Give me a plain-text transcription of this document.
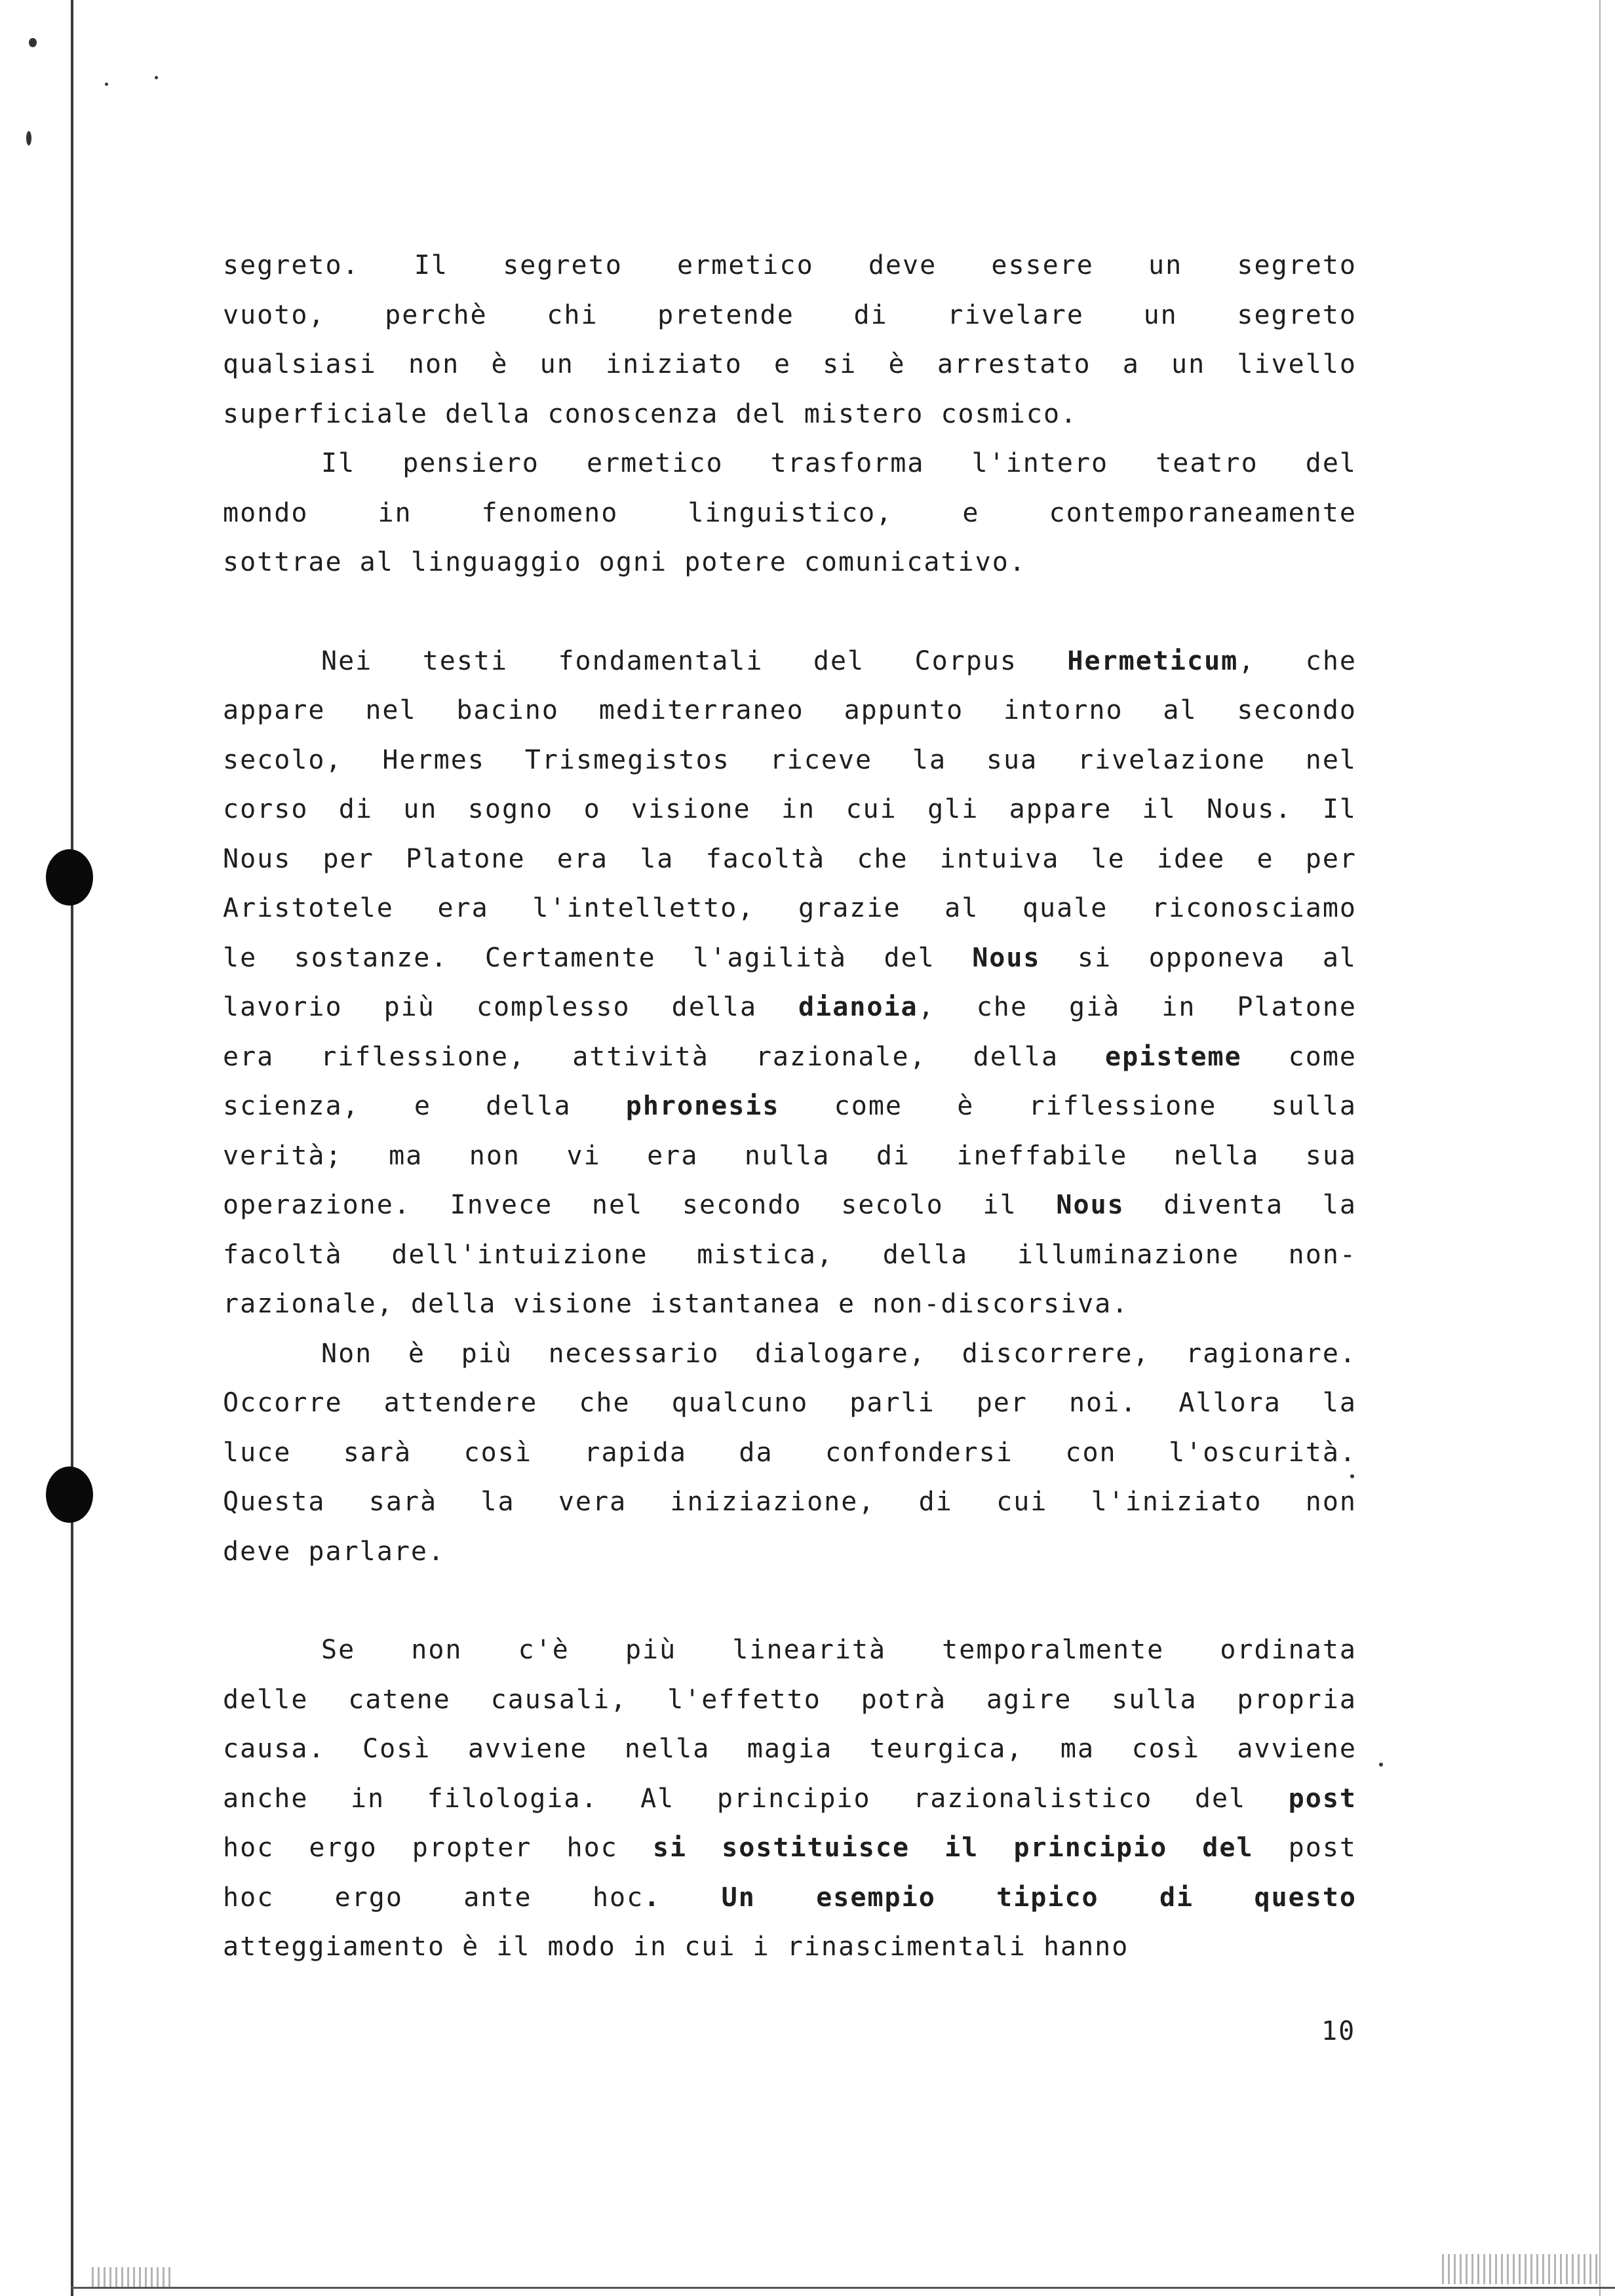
segreto. Il segreto ermetico deve essere un segreto

vuoto, perchè chi pretende di rivelare un segreto

qualsiasi non è un iniziato e si è arrestato a un livello

superficiale della conoscenza del mistero cosmico.

Il pensiero ermetico trasforma l'intero teatro del

mondo in fenomeno linguistico, e contemporaneamente

sottrae al linguaggio ogni potere comunicativo.

Nei testi fondamentali del Corpus Hermeticum, che

appare nel bacino mediterraneo appunto intorno al secondo

secolo, Hermes Trismegistos riceve la sua rivelazione nel

corso di un sogno o visione in cui gli appare il Nous. Il

Nous per Platone era la facoltà che intuiva le idee e per

Aristotele era l'intelletto, grazie al quale riconosciamo

le sostanze. Certamente l'agilità del Nous si opponeva al

lavorio più complesso della dianoia, che già in Platone

era riflessione, attività razionale, della episteme come

scienza, e della phronesis come è riflessione sulla

verità; ma non vi era nulla di ineffabile nella sua

operazione. Invece nel secondo secolo il Nous diventa la

facoltà dell'intuizione mistica, della illuminazione non-

razionale, della visione istantanea e non-discorsiva.

Non è più necessario dialogare, discorrere, ragionare.

Occorre attendere che qualcuno parli per noi. Allora la

luce sarà così rapida da confondersi con l'oscurità.

Questa sarà la vera iniziazione, di cui l'iniziato non

deve parlare.

Se non c'è più linearità temporalmente ordinata

delle catene causali, l'effetto potrà agire sulla propria

causa. Così avviene nella magia teurgica, ma così avviene

anche in filologia. Al principio razionalistico del post

hoc ergo propter hoc si sostituisce il principio del post

hoc ergo ante hoc. Un esempio tipico di questo

atteggiamento è il modo in cui i rinascimentali hanno

10
